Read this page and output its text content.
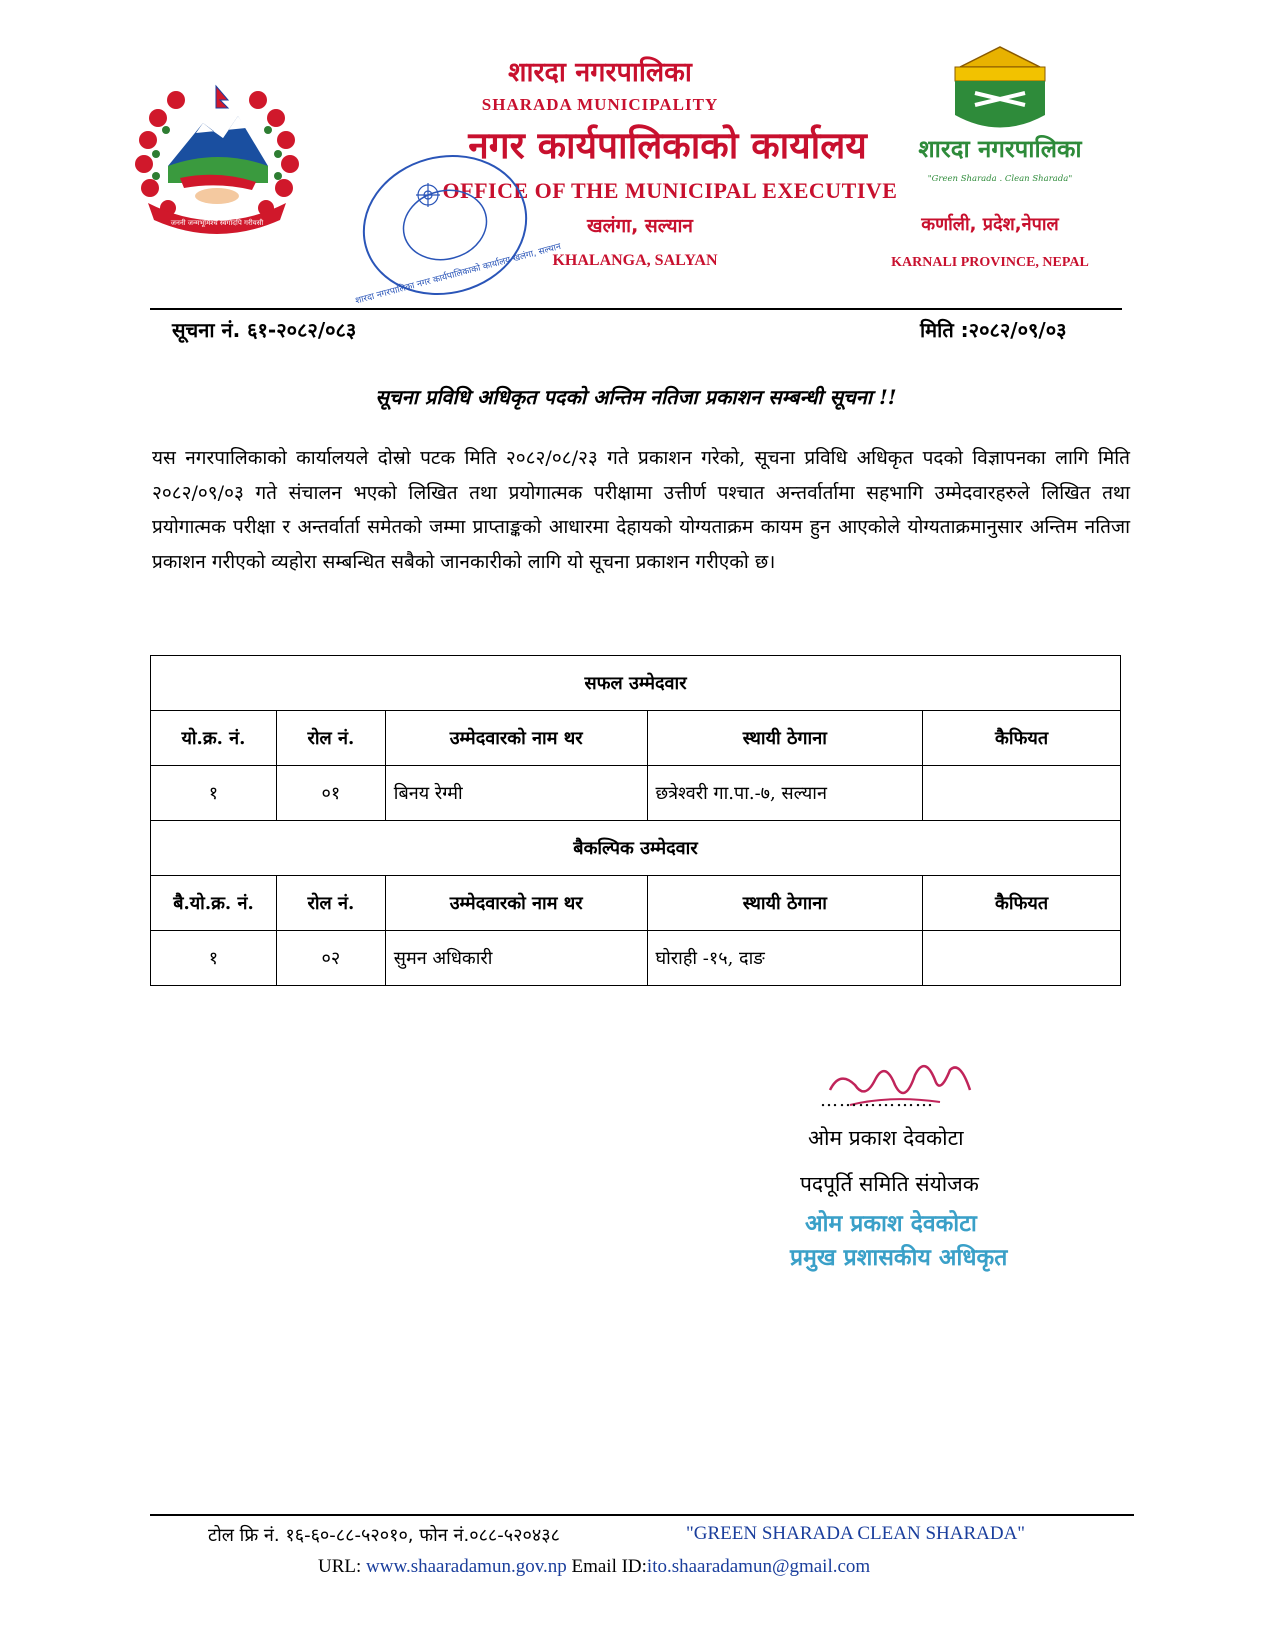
जननी जन्मभूमिश्च स्वर्गादपि गरीयसी
शारदा नगरपालिका
SHARADA MUNICIPALITY
नगर कार्यपालिकाको कार्यालय
OFFICE OF THE MUNICIPAL EXECUTIVE
खलंगा, सल्यान
KHALANGA, SALYAN
शारदा नगरपालिका नगर कार्यपालिकाको कार्यालय खलंगा, सल्यान
शारदा नगरपालिका
"Green Sharada . Clean Sharada"
कर्णाली, प्रदेश,नेपाल
KARNALI PROVINCE, NEPAL
सूचना नं. ६१-२०८२/०८३	मिति :२०८२/०९/०३
सूचना प्रविधि अधिकृत पदको अन्तिम नतिजा प्रकाशन सम्बन्धी सूचना !!
यस नगरपालिकाको कार्यालयले दोस्रो पटक मिति २०८२/०८/२३ गते प्रकाशन गरेको, सूचना प्रविधि अधिकृत पदको विज्ञापनका लागि मिति २०८२/०९/०३ गते संचालन भएको लिखित तथा प्रयोगात्मक परीक्षामा उत्तीर्ण पश्चात अन्तर्वार्तामा सहभागि उम्मेदवारहरुले लिखित तथा प्रयोगात्मक परीक्षा र अन्तर्वार्ता समेतको जम्मा प्राप्ताङ्कको आधारमा देहायको योग्यताक्रम कायम हुन आएकोले योग्यताक्रमानुसार अन्तिम नतिजा प्रकाशन गरीएको व्यहोरा सम्बन्धित सबैको जानकारीको लागि यो सूचना प्रकाशन गरीएको छ।
सफल उम्मेदवार				
यो.क्र. नं.	रोल नं.	उम्मेदवारको नाम थर	स्थायी ठेगाना	कैफियत
१	०१	बिनय रेग्मी	छत्रेश्वरी गा.पा.-७, सल्यान	
बैकल्पिक उम्मेदवार				
बै.यो.क्र. नं.	रोल नं.	उम्मेदवारको नाम थर	स्थायी ठेगाना	कैफियत
१	०२	सुमन अधिकारी	घोराही -१५, दाङ	
………………
ओम प्रकाश देवकोटा
पदपूर्ति समिति संयोजक
ओम प्रकाश देवकोटा
प्रमुख प्रशासकीय अधिकृत
टोल फ्रि नं. १६-६०-८८-५२०१०, फोन नं.०८८-५२०४३८	"GREEN SHARADA CLEAN SHARADA"
URL: www.shaaradamun.gov.np Email ID:ito.shaaradamun@gmail.com
